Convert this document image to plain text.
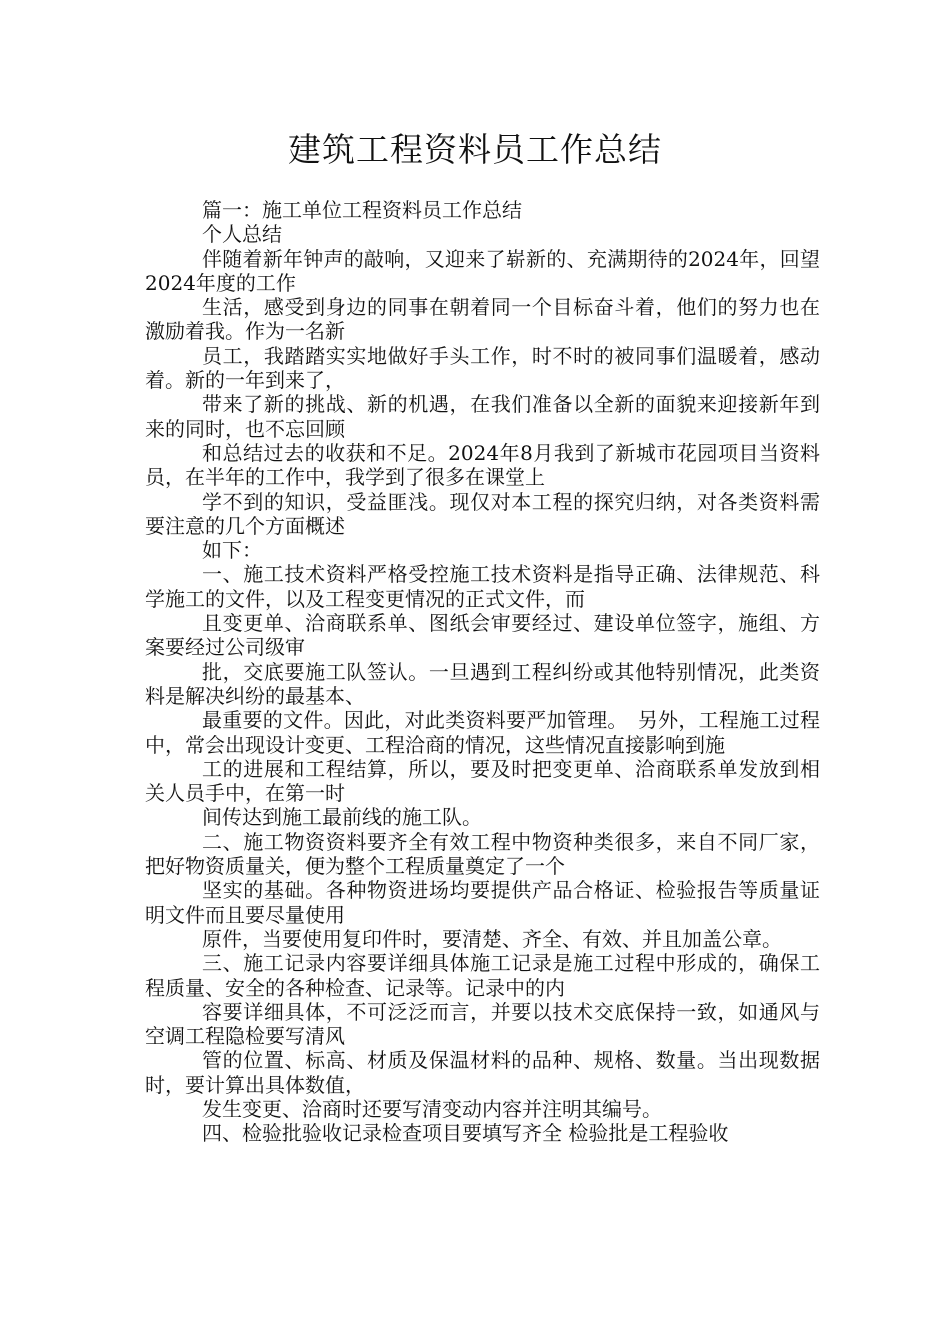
建筑工程资料员工作总结

篇一：施工单位工程资料员工作总结

个人总结

伴随着新年钟声的敲响，又迎来了崭新的、充满期待的2024年，回望2024年度的工作

生活，感受到身边的同事在朝着同一个目标奋斗着，他们的努力也在激励着我。作为一名新

员工，我踏踏实实地做好手头工作，时不时的被同事们温暖着，感动着。新的一年到来了，

带来了新的挑战、新的机遇，在我们准备以全新的面貌来迎接新年到来的同时，也不忘回顾

和总结过去的收获和不足。2024年8月我到了新城市花园项目当资料员，在半年的工作中，我学到了很多在课堂上

学不到的知识，受益匪浅。现仅对本工程的探究归纳，对各类资料需要注意的几个方面概述

如下：

一、施工技术资料严格受控施工技术资料是指导正确、法律规范、科学施工的文件，以及工程变更情况的正式文件，而

且变更单、洽商联系单、图纸会审要经过、建设单位签字，施组、方案要经过公司级审

批，交底要施工队签认。一旦遇到工程纠纷或其他特别情况，此类资料是解决纠纷的最基本、

最重要的文件。因此，对此类资料要严加管理。　另外，工程施工过程中，常会出现设计变更、工程洽商的情况，这些情况直接影响到施

工的进展和工程结算，所以，要及时把变更单、洽商联系单发放到相关人员手中，在第一时

间传达到施工最前线的施工队。

二、施工物资资料要齐全有效工程中物资种类很多，来自不同厂家，把好物资质量关，便为整个工程质量奠定了一个

坚实的基础。各种物资进场均要提供产品合格证、检验报告等质量证明文件而且要尽量使用

原件，当要使用复印件时，要清楚、齐全、有效、并且加盖公章。

三、施工记录内容要详细具体施工记录是施工过程中形成的，确保工程质量、安全的各种检查、记录等。记录中的内

容要详细具体，不可泛泛而言，并要以技术交底保持一致，如通风与空调工程隐检要写清风

管的位置、标高、材质及保温材料的品种、规格、数量。当出现数据时，要计算出具体数值，

发生变更、洽商时还要写清变动内容并注明其编号。

四、检验批验收记录检查项目要填写齐全 检验批是工程验收
